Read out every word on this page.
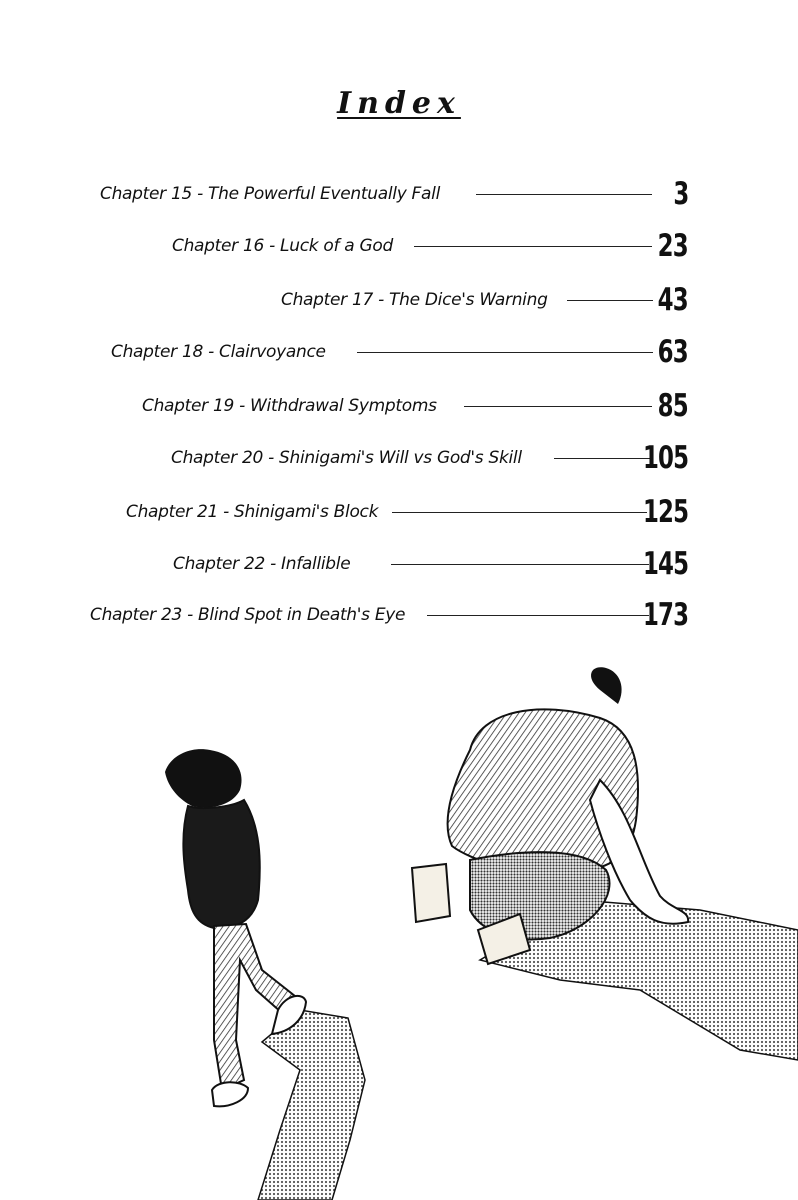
Index
Chapter 15 - The Powerful Eventually Fall	3
Chapter 16 - Luck of a God	23
Chapter 17 - The Dice's Warning	43
Chapter 18 - Clairvoyance	63
Chapter 19 - Withdrawal Symptoms	85
Chapter 20 - Shinigami's Will vs God's Skill	105
Chapter 21 - Shinigami's Block	125
Chapter 22 - Infallible	145
Chapter 23 - Blind Spot in Death's Eye	173
